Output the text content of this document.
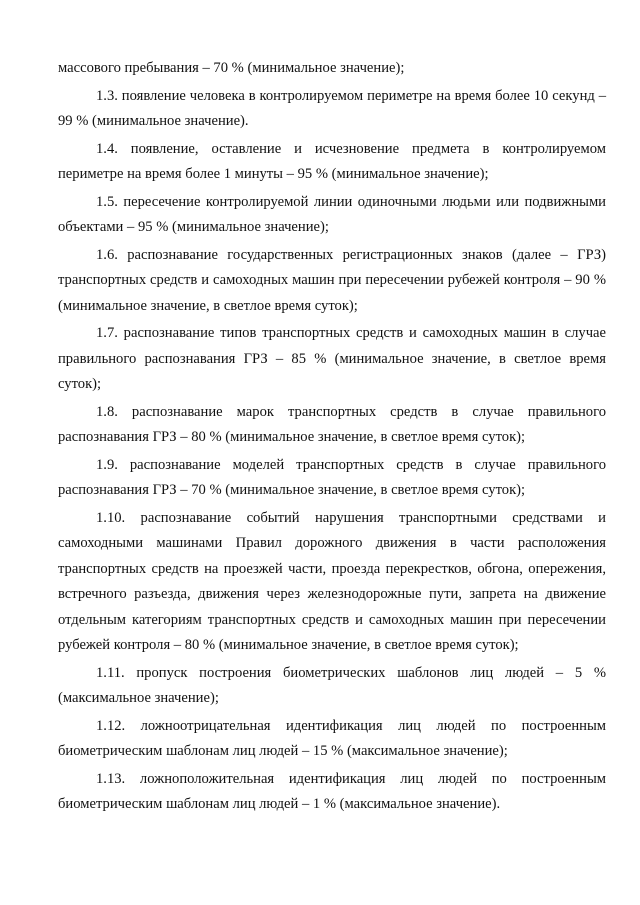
массового пребывания – 70 % (минимальное значение);

1.3. появление человека в контролируемом периметре на время более 10 секунд – 99 % (минимальное значение).

1.4. появление, оставление и исчезновение предмета в контролируемом периметре на время более 1 минуты – 95 % (минимальное значение);

1.5. пересечение контролируемой линии одиночными людьми или подвижными объектами – 95 % (минимальное значение);

1.6. распознавание государственных регистрационных знаков (далее – ГРЗ) транспортных средств и самоходных машин при пересечении рубежей контроля – 90 % (минимальное значение, в светлое время суток);

1.7. распознавание типов транспортных средств и самоходных машин в случае правильного распознавания ГРЗ – 85 % (минимальное значение, в светлое время суток);

1.8. распознавание марок транспортных средств в случае правильного распознавания ГРЗ – 80 % (минимальное значение, в светлое время суток);

1.9. распознавание моделей транспортных средств в случае правильного распознавания ГРЗ – 70 % (минимальное значение, в светлое время суток);

1.10. распознавание событий нарушения транспортными средствами и самоходными машинами Правил дорожного движения в части расположения транспортных средств на проезжей части, проезда перекрестков, обгона, опережения, встречного разъезда, движения через железнодорожные пути, запрета на движение отдельным категориям транспортных средств и самоходных машин при пересечении рубежей контроля – 80 % (минимальное значение, в светлое время суток);

1.11. пропуск построения биометрических шаблонов лиц людей – 5 % (максимальное значение);

1.12. ложноотрицательная идентификация лиц людей по построенным биометрическим шаблонам лиц людей – 15 % (максимальное значение);

1.13. ложноположительная идентификация лиц людей по построенным биометрическим шаблонам лиц людей – 1 % (максимальное значение).
